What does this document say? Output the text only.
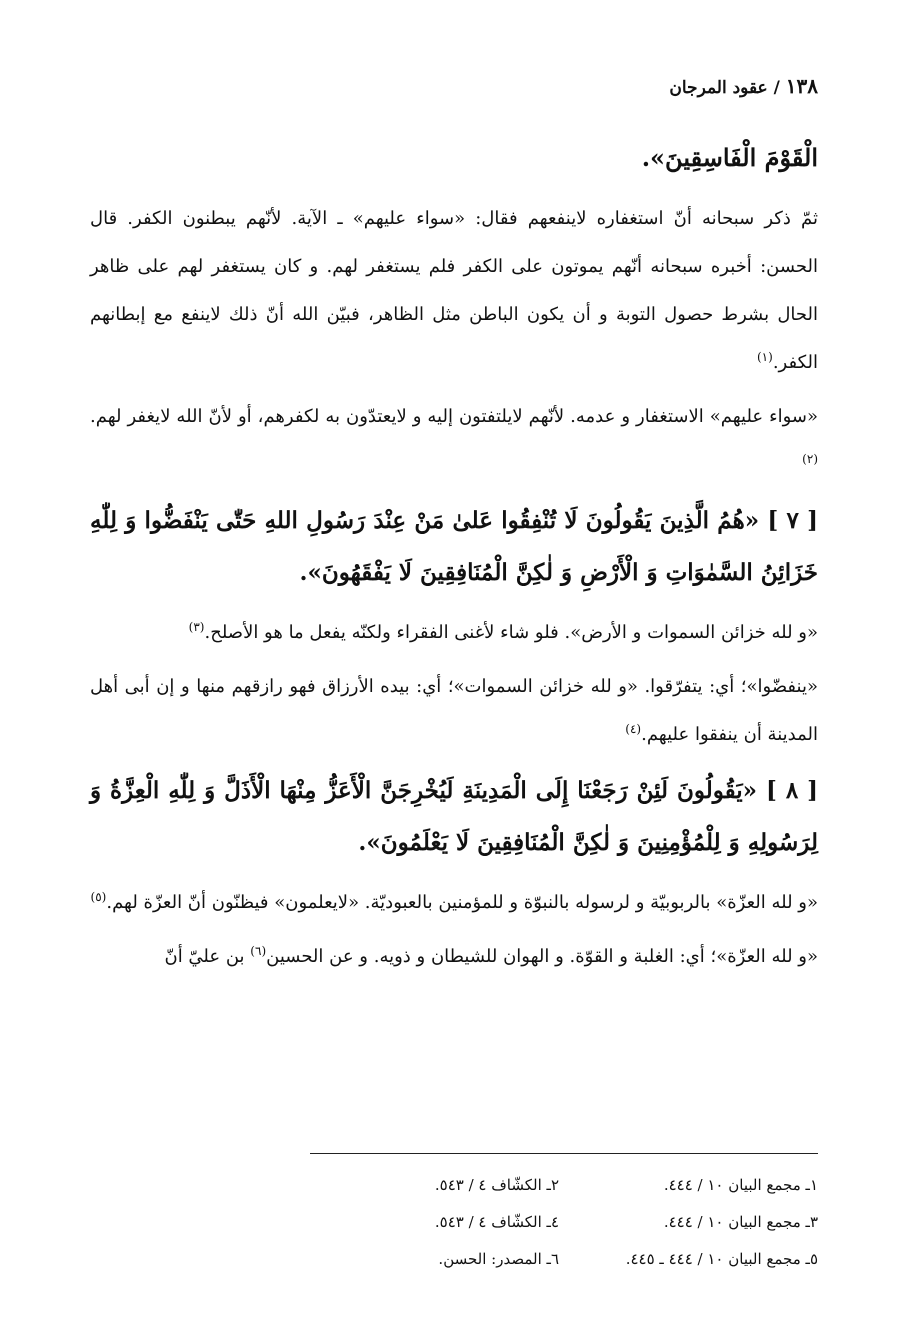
١٣٨ / عقود المرجان
الْقَوْمَ الْفَاسِقِينَ».

ثمّ ذكر سبحانه أنّ استغفاره لاينفعهم فقال: «سواء عليهم» ـ الآية. لأنّهم يبطنون الكفر. قال الحسن: أخبره سبحانه أنّهم يموتون على الكفر فلم يستغفر لهم. و كان يستغفر لهم على ظاهر الحال بشرط حصول التوبة و أن يكون الباطن مثل الظاهر، فبيّن الله أنّ ذلك لاينفع مع إبطانهم الكفر.$^{(١)}$

«سواء عليهم» الاستغفار و عدمه. لأنّهم لايلتفتون إليه و لايعتدّون به لكفرهم، أو لأنّ الله لايغفر لهم.$^{(٢)}$

[ ٧ ] «هُمُ الَّذِينَ يَقُولُونَ لَا تُنْفِقُوا عَلىٰ مَنْ عِنْدَ رَسُولِ اللهِ حَتّٰى يَنْفَضُّوا وَ لِلّٰهِ خَزَائِنُ السَّمٰوَاتِ وَ الْأَرْضِ وَ لٰكِنَّ الْمُنَافِقِينَ لَا يَفْقَهُونَ».

«و لله خزائن السموات و الأرض». فلو شاء لأغنى الفقراء ولكنّه يفعل ما هو الأصلح.$^{(٣)}$

«ينفضّوا»؛ أي: يتفرّقوا. «و لله خزائن السموات»؛ أي: بيده الأرزاق فهو رازقهم منها و إن أبى أهل المدينة أن ينفقوا عليهم.$^{(٤)}$

[ ٨ ] «يَقُولُونَ لَئِنْ رَجَعْنَا إِلَى الْمَدِينَةِ لَيُخْرِجَنَّ الْأَعَزُّ مِنْهَا الْأَذَلَّ وَ لِلّٰهِ الْعِزَّةُ وَ لِرَسُولِهِ وَ لِلْمُؤْمِنِينَ وَ لٰكِنَّ الْمُنَافِقِينَ لَا يَعْلَمُونَ».

«و لله العزّة» بالربوبيّة و لرسوله بالنبوّة و للمؤمنين بالعبوديّة. «لايعلمون» فيظنّون أنّ العزّة لهم.$^{(٥)}$

«و لله العزّة»؛ أي: الغلبة و القوّة. و الهوان للشيطان و ذويه. و عن الحسين$^{(٦)}$ بن عليّ أنّ

١ـ مجمع البيان ١٠ / ٤٤٤.
٢ـ الكشّاف ٤ / ٥٤٣.
٣ـ مجمع البيان ١٠ / ٤٤٤.
٤ـ الكشّاف ٤ / ٥٤٣.
٥ـ مجمع البيان ١٠ / ٤٤٤ ـ ٤٤٥.
٦ـ المصدر: الحسن.
